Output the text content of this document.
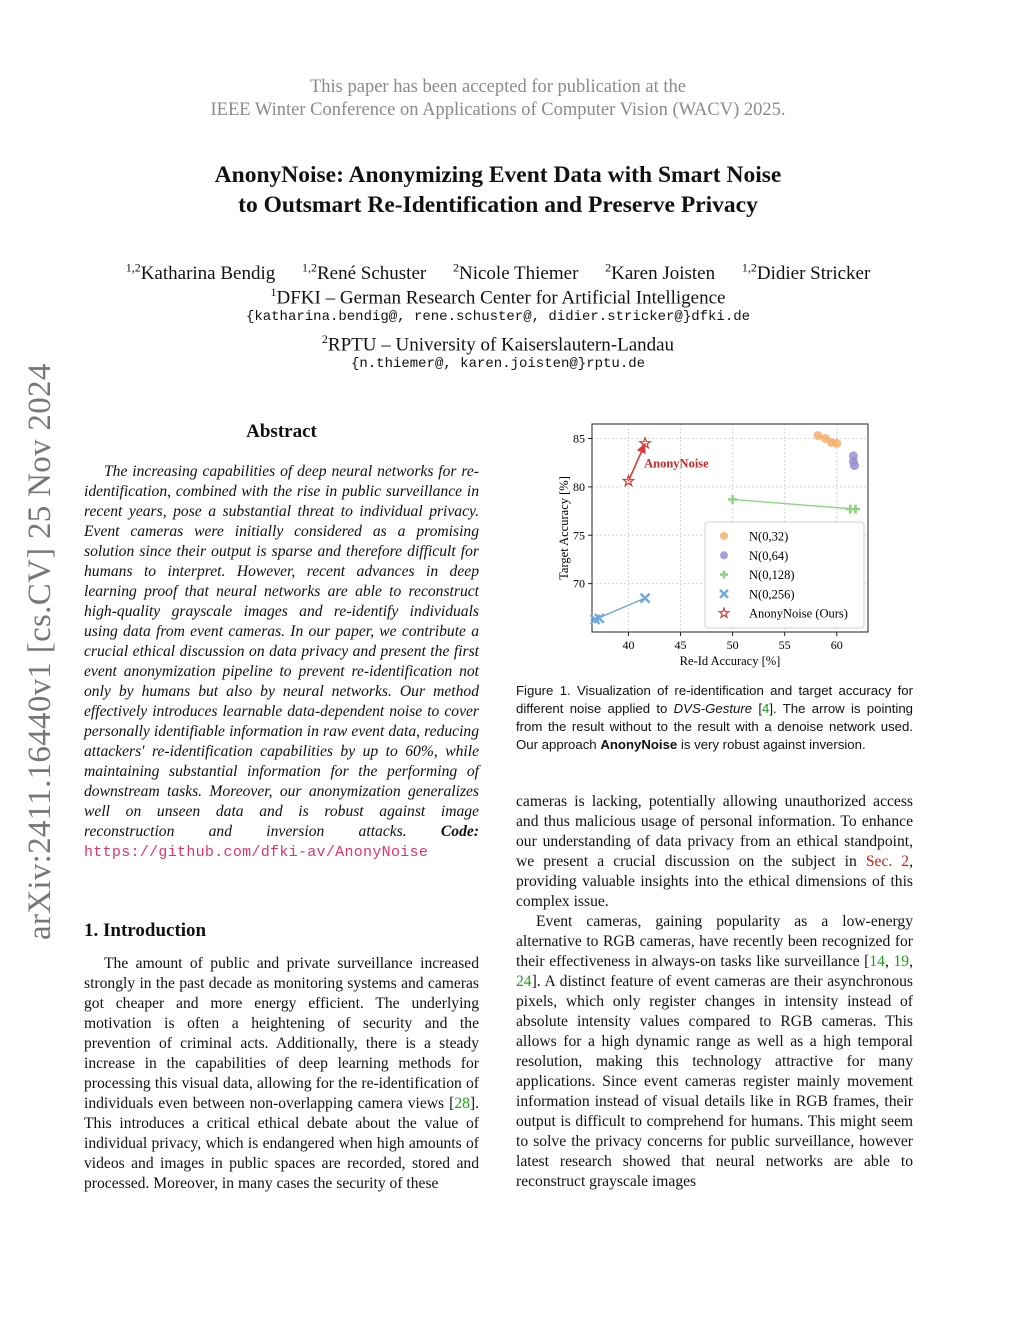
This paper has been accepted for publication at the
IEEE Winter Conference on Applications of Computer Vision (WACV) 2025.
AnonyNoise: Anonymizing Event Data with Smart Noise
to Outsmart Re-Identification and Preserve Privacy
$^{1,2}$Katharina Bendig $^{1,2}$René Schuster $^2$Nicole Thiemer $^2$Karen Joisten $^{1,2}$Didier Stricker
$^1$DFKI – German Research Center for Artificial Intelligence
{katharina.bendig@, rene.schuster@, didier.stricker@}dfki.de
$^2$RPTU – University of Kaiserslautern-Landau
{n.thiemer@, karen.joisten@}rptu.de
arXiv:2411.16440v1 [cs.CV] 25 Nov 2024	Abstract

The increasing capabilities of deep neural networks for re-identification, combined with the rise in public surveillance in recent years, pose a substantial threat to individual privacy. Event cameras were initially considered as a promising solution since their output is sparse and therefore difficult for humans to interpret. However, recent advances in deep learning proof that neural networks are able to reconstruct high-quality grayscale images and re-identify individuals using data from event cameras. In our paper, we contribute a crucial ethical discussion on data privacy and present the first event anonymization pipeline to prevent re-identification not only by humans but also by neural networks. Our method effectively introduces learnable data-dependent noise to cover personally identifiable information in raw event data, reducing attackers' re-identification capabilities by up to 60%, while maintaining substantial information for the performing of downstream tasks. Moreover, our anonymization generalizes well on unseen data and is robust against image reconstruction and inversion attacks. Code: https://github.com/dfki-av/AnonyNoise

1. Introduction

The amount of public and private surveillance increased strongly in the past decade as monitoring systems and cameras got cheaper and more energy efficient. The underlying motivation is often a heightening of security and the prevention of criminal acts. Additionally, there is a steady increase in the capabilities of deep learning methods for processing this visual data, allowing for the re-identification of individuals even between non-overlapping camera views [28]. This introduces a critical ethical debate about the value of individual privacy, which is endangered when high amounts of videos and images in public spaces are recorded, stored and processed. Moreover, in many cases the security of these

40	45	50	55	60
70
75
80
85
AnonyNoise
N(0,32)
N(0,64)
N(0,128)
N(0,256)
AnonyNoise (Ours)
Re-Id Accuracy [%]
Target Accuracy [%]
Figure 1. Visualization of re-identification and target accuracy for different noise applied to DVS-Gesture [4]. The arrow is pointing from the result without to the result with a denoise network used. Our approach AnonyNoise is very robust against inversion.

cameras is lacking, potentially allowing unauthorized access and thus malicious usage of personal information. To enhance our understanding of data privacy from an ethical standpoint, we present a crucial discussion on the subject in Sec. 2, providing valuable insights into the ethical dimensions of this complex issue.

Event cameras, gaining popularity as a low-energy alternative to RGB cameras, have recently been recognized for their effectiveness in always-on tasks like surveillance [14, 19, 24]. A distinct feature of event cameras are their asynchronous pixels, which only register changes in intensity instead of absolute intensity values compared to RGB cameras. This allows for a high dynamic range as well as a high temporal resolution, making this technology attractive for many applications. Since event cameras register mainly movement information instead of visual details like in RGB frames, their output is difficult to comprehend for humans. This might seem to solve the privacy concerns for public surveillance, however latest research showed that neural networks are able to reconstruct grayscale images
